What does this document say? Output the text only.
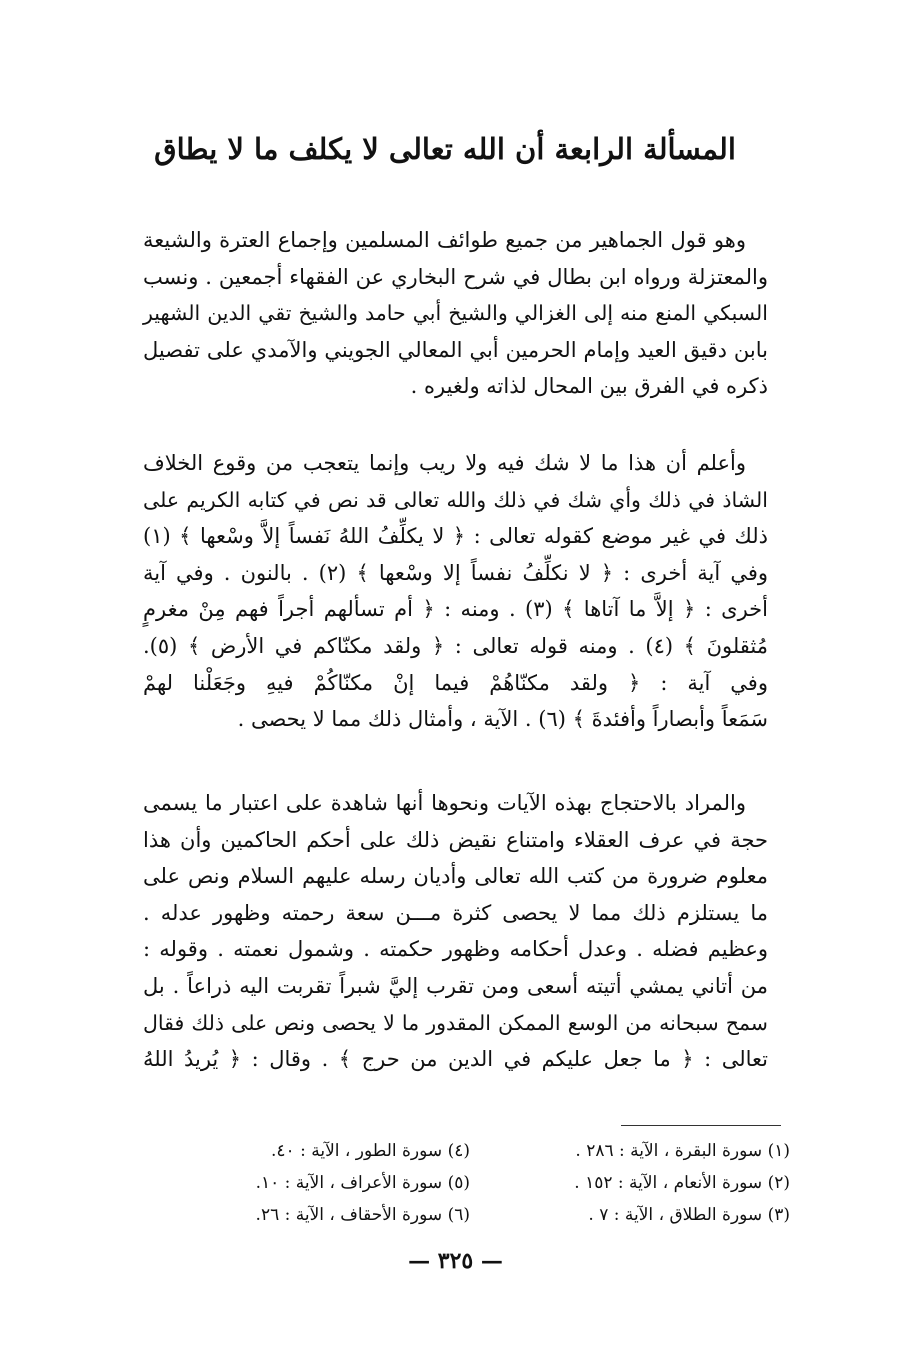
المسألة الرابعة أن الله تعالى لا يكلف ما لا يطاق
وهو قول الجماهير من جميع طوائف المسلمين وإجماع العترة والشيعة
والمعتزلة ورواه ابن بطال في شرح البخاري عن الفقهاء أجمعين . ونسب
السبكي المنع منه إلى الغزالي والشيخ أبي حامد والشيخ تقي الدين الشهير
بابن دقيق العيد وإمام الحرمين أبي المعالي الجويني والآمدي على تفصيل
ذكره في الفرق بين المحال لذاته ولغيره .
وأعلم أن هذا ما لا شك فيه ولا ريب وإنما يتعجب من وقوع الخلاف
الشاذ في ذلك وأي شك في ذلك والله تعالى قد نص في كتابه الكريم على
ذلك في غير موضع كقوله تعالى : ﴿ لا يكلِّفُ اللهُ نَفساً إلاَّ وسْعها ﴾ (١)
وفي آية أخرى : ﴿ لا نكلِّفُ نفساً إلا وسْعها ﴾ (٢) . بالنون . وفي آية
أخرى : ﴿ إلاَّ ما آتاها ﴾ (٣) . ومنه : ﴿ أم تسألهم أجراً فهم مِنْ مغرمٍ
مُثقلونَ ﴾ (٤) . ومنه قوله تعالى : ﴿ ولقد مكنّاكم في الأرض ﴾ (٥).
وفي آية : ﴿ ولقد مكنّاهُمْ فيما إنْ مكنّاكُمْ فيهِ وجَعَلْنا لهمْ
سَمَعاً وأبصاراً وأفئدةَ ﴾ (٦) . الآية ، وأمثال ذلك مما لا يحصى .
والمراد بالاحتجاج بهذه الآيات ونحوها أنها شاهدة على اعتبار ما يسمى
حجة في عرف العقلاء وامتناع نقيض ذلك على أحكم الحاكمين وأن هذا
معلوم ضرورة من كتب الله تعالى وأديان رسله عليهم السلام ونص على
ما يستلزم ذلك مما لا يحصى كثرة مـــن سعة رحمته وظهور عدله .
وعظيم فضله . وعدل أحكامه وظهور حكمته . وشمول نعمته . وقوله :
من أتاني يمشي أتيته أسعى ومن تقرب إليَّ شبراً تقربت اليه ذراعاً . بل
سمح سبحانه من الوسع الممكن المقدور ما لا يحصى ونص على ذلك فقال
تعالى : ﴿ ما جعل عليكم في الدين من حرج ﴾ . وقال : ﴿ يُريدُ اللهُ
(١) سورة البقرة ، الآية : ٢٨٦ .
(٢) سورة الأنعام ، الآية : ١٥٢ .
(٣) سورة الطلاق ، الآية : ٧ .
(٤) سورة الطور ، الآية : ٤٠.
(٥) سورة الأعراف ، الآية : ١٠.
(٦) سورة الأحقاف ، الآية : ٢٦.
— ٣٢٥ —
